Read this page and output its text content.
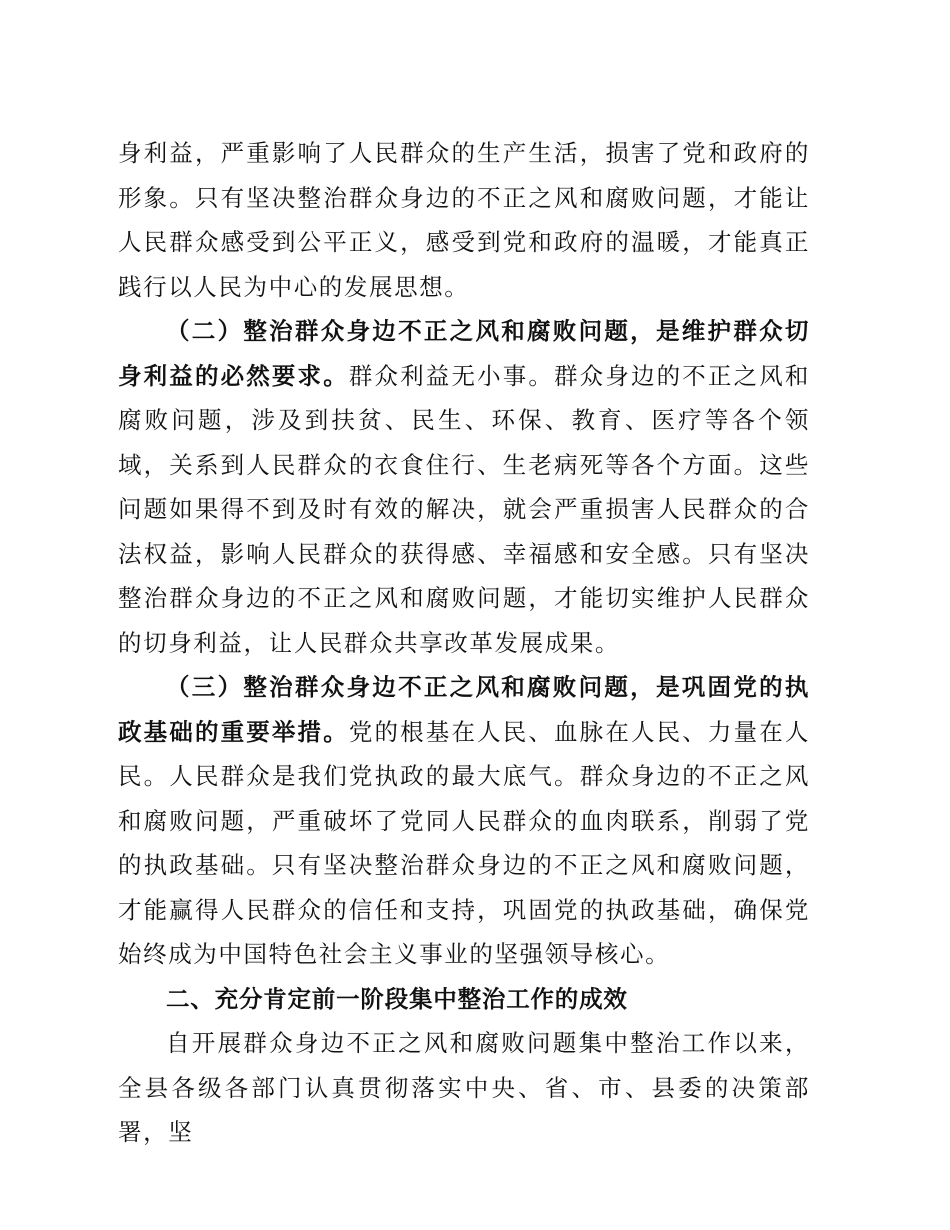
身利益，严重影响了人民群众的生产生活，损害了党和政府的形象。只有坚决整治群众身边的不正之风和腐败问题，才能让人民群众感受到公平正义，感受到党和政府的温暖，才能真正践行以人民为中心的发展思想。

（二）整治群众身边不正之风和腐败问题，是维护群众切身利益的必然要求。群众利益无小事。群众身边的不正之风和腐败问题，涉及到扶贫、民生、环保、教育、医疗等各个领域，关系到人民群众的衣食住行、生老病死等各个方面。这些问题如果得不到及时有效的解决，就会严重损害人民群众的合法权益，影响人民群众的获得感、幸福感和安全感。只有坚决整治群众身边的不正之风和腐败问题，才能切实维护人民群众的切身利益，让人民群众共享改革发展成果。

（三）整治群众身边不正之风和腐败问题，是巩固党的执政基础的重要举措。党的根基在人民、血脉在人民、力量在人民。人民群众是我们党执政的最大底气。群众身边的不正之风和腐败问题，严重破坏了党同人民群众的血肉联系，削弱了党的执政基础。只有坚决整治群众身边的不正之风和腐败问题，才能赢得人民群众的信任和支持，巩固党的执政基础，确保党始终成为中国特色社会主义事业的坚强领导核心。

二、充分肯定前一阶段集中整治工作的成效

自开展群众身边不正之风和腐败问题集中整治工作以来，全县各级各部门认真贯彻落实中央、省、市、县委的决策部署，坚
